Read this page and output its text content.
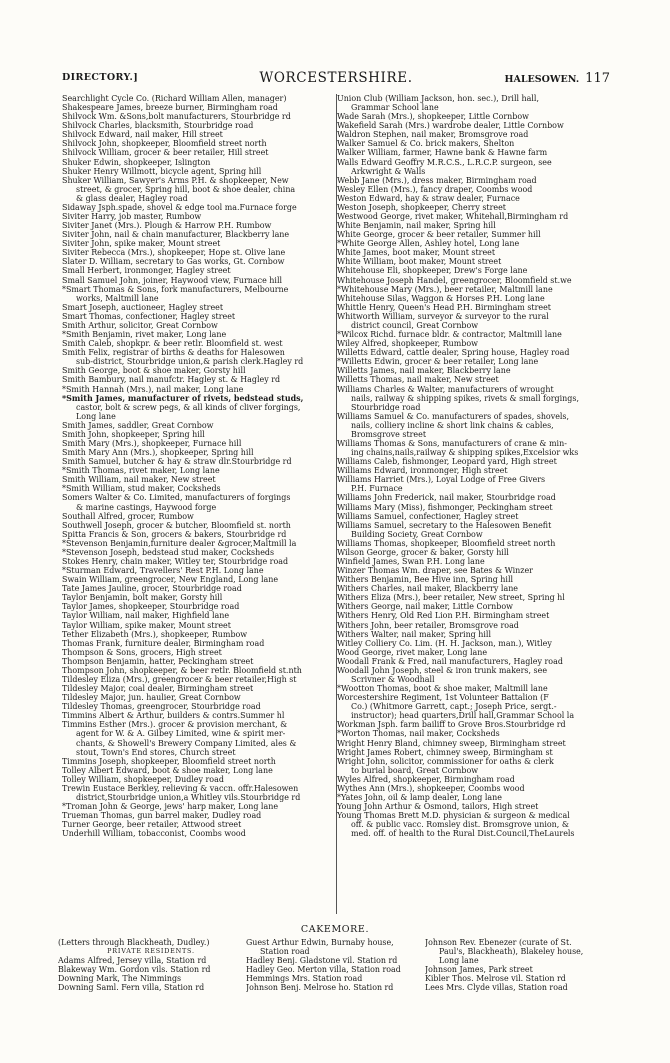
DIRECTORY.]	WORCESTERSHIRE.	HALESOWEN. 117
Searchlight Cycle Co. (Richard William Allen, manager)
Shakespeare James, breeze burner, Birmingham road
Shilvock Wm. &Sons,bolt manufacturers, Stourbridge rd
Shilvock Charles, blacksmith, Stourbridge road
Shilvock Edward, nail maker, Hill street
Shilvock John, shopkeeper, Bloomfield street north
Shilvock William, grocer & beer retailer, Hill street
Shuker Edwin, shopkeeper, Islington
Shuker Henry Willmott, bicycle agent, Spring hill
Shuker William, Sawyer's Arms P.H. & shopkeeper, New
street, & grocer, Spring hill, boot & shoe dealer, china
& glass dealer, Hagley road
Sidaway Jsph.spade, shovel & edge tool ma.Furnace forge
Siviter Harry, job master, Rumbow
Siviter Janet (Mrs.). Plough & Harrow P.H. Rumbow
Siviter John, nail & chain manufacturer, Blackberry lane
Siviter John, spike maker, Mount street
Siviter Rebecca (Mrs.), shopkeeper, Hope st. Olive lane
Slater D. William, secretary to Gas works, Gt. Cornbow
Small Herbert, ironmonger, Hagley street
Small Samuel John, joiner, Haywood view, Furnace hill
*Smart Thomas & Sons, fork manufacturers, Melbourne
works, Maltmill lane
Smart Joseph, auctioneer, Hagley street
Smart Thomas, confectioner, Hagley street
Smith Arthur, solicitor, Great Cornbow
*Smith Benjamin, rivet maker, Long lane
Smith Caleb, shopkpr. & beer retlr. Bloomfield st. west
Smith Felix, registrar of births & deaths for Halesowen
sub-district, Stourbridge union,& parish clerk.Hagley rd
Smith George, boot & shoe maker, Gorsty hill
Smith Bambury, nail manufctr. Hagley st. & Hagley rd
*Smith Hannah (Mrs.), nail maker, Long lane
*Smith James, manufacturer of rivets, bedstead studs,
castor, bolt & screw pegs, & all kinds of cliver forgings,
Long lane
Smith James, saddler, Great Cornbow
Smith John, shopkeeper, Spring hill
Smith Mary (Mrs.), shopkeeper, Furnace hill
Smith Mary Ann (Mrs.), shopkeeper, Spring hill
Smith Samuel, butcher & hay & straw dlr.Stourbridge rd
*Smith Thomas, rivet maker, Long lane
Smith William, nail maker, New street
*Smith William, stud maker, Cocksheds
Somers Walter & Co. Limited, manufacturers of forgings
& marine castings, Haywood forge
Southall Alfred, grocer, Rumbow
Southwell Joseph, grocer & butcher, Bloomfield st. north
Spitta Francis & Son, grocers & bakers, Stourbridge rd
*Stevenson Benjamin,furniture dealer &grocer,Maltmill la
*Stevenson Joseph, bedstead stud maker, Cocksheds
Stokes Henry, chain maker, Witley ter, Stourbridge road
*Sturman Edward, Travellers' Rest P.H. Long lane
Swain William, greengrocer, New England, Long lane
Tate James Jauline, grocer, Stourbridge road
Taylor Benjamin, bolt maker, Gorsty hill
Taylor James, shopkeeper, Stourbridge road
Taylor William, nail maker, Highfield lane
Taylor William, spike maker, Mount street
Tether Elizabeth (Mrs.), shopkeeper, Rumbow
Thomas Frank, furniture dealer, Birmingham road
Thompson & Sons, grocers, High street
Thompson Benjamin, hatter, Peckingham street
Thompson John, shopkeeper, & beer retlr. Bloomfield st.nth
Tildesley Eliza (Mrs.), greengrocer & beer retailer,High st
Tildesley Major, coal dealer, Birmingham street
Tildesley Major, jun. haulier, Great Cornbow
Tildesley Thomas, greengrocer, Stourbridge road
Timmins Albert & Arthur, builders & contrs.Summer hl
Timmins Esther (Mrs.). grocer & provision merchant, &
agent for W. & A. Gilbey Limited, wine & spirit mer-
chants, & Showell's Brewery Company Limited, ales &
stout, Town's End stores, Church street
Timmins Joseph, shopkeeper, Bloomfield street north
Tolley Albert Edward, boot & shoe maker, Long lane
Tolley William, shopkeeper, Dudley road
Trewin Eustace Berkley, relieving & vaccn. offr.Halesowen
district,Stourbridge union,a Whitley vils.Stourbridge rd
*Troman John & George, jews' harp maker, Long lane
Trueman Thomas, gun barrel maker, Dudley road
Turner George, beer retailer, Attwood street
Underhill William, tobacconist, Coombs wood
Union Club (William Jackson, hon. sec.), Drill hall,
Grammar School lane
Wade Sarah (Mrs.), shopkeeper, Little Cornbow
Wakefield Sarah (Mrs.) wardrobe dealer, Little Cornbow
Waldron Stephen, nail maker, Bromsgrove road
Walker Samuel & Co. brick makers, Shelton
Walker William, farmer, Hawne bank & Hawne farm
Walls Edward Geoffry M.R.C.S., L.R.C.P. surgeon, see
Arkwright & Walls
Webb Jane (Mrs.), dress maker, Birmingham road
Wesley Ellen (Mrs.), fancy draper, Coombs wood
Weston Edward, hay & straw dealer, Furnace
Weston Joseph, shopkeeper, Cherry street
Westwood George, rivet maker, Whitehall,Birmingham rd
White Benjamin, nail maker, Spring hill
White George, grocer & beer retailer, Summer hill
*White George Allen, Ashley hotel, Long lane
White James, boot maker, Mount street
White William, boot maker, Mount street
Whitehouse Eli, shopkeeper, Drew's Forge lane
Whitehouse Joseph Handel, greengrocer, Bloomfield st.we
*Whitehouse Mary (Mrs.), beer retailer, Maltmill lane
Whitehouse Silas, Waggon & Horses P.H. Long lane
Whittle Henry, Queen's Head P.H. Birmingham street
Whitworth William, surveyor & surveyor to the rural
district council, Great Cornbow
*Wilcox Richd. furnace bldr. & contractor, Maltmill lane
Wiley Alfred, shopkeeper, Rumbow
Willetts Edward, cattle dealer, Spring house, Hagley road
*Willetts Edwin, grocer & beer retailer, Long lane
Willetts James, nail maker, Blackberry lane
Willetts Thomas, nail maker, New street
Williams Charles & Walter, manufacturers of wrought
nails, railway & shipping spikes, rivets & small forgings,
Stourbridge road
Williams Samuel & Co. manufacturers of spades, shovels,
nails, colliery incline & short link chains & cables,
Bromsgrove street
Williams Thomas & Sons, manufacturers of crane & min-
ing chains,nails,railway & shipping spikes,Excelsior wks
Williams Caleb, fishmonger, Leopard yard, High street
Williams Edward, ironmonger, High street
Williams Harriet (Mrs.), Loyal Lodge of Free Givers
P.H. Furnace
Williams John Frederick, nail maker, Stourbridge road
Williams Mary (Miss), fishmonger, Peckingham street
Williams Samuel, confectioner, Hagley street
Williams Samuel, secretary to the Halesowen Benefit
Building Society, Great Cornbow
Williams Thomas, shopkeeper, Bloomfield street north
Wilson George, grocer & baker, Gorsty hill
Winfield James, Swan P.H. Long lane
Winzer Thomas Wm. draper, see Bates & Winzer
Withers Benjamin, Bee Hive inn, Spring hill
Withers Charles, nail maker, Blackberry lane
Withers Eliza (Mrs.), beer retailer, New street, Spring hl
Withers George, nail maker, Little Cornbow
Withers Henry, Old Red Lion P.H. Birmingham street
Withers John, beer retailer, Bromsgrove road
Withers Walter, nail maker, Spring hill
Witley Colliery Co. Lim. (H. H. Jackson, man.), Witley
Wood George, rivet maker, Long lane
Woodall Frank & Fred, nail manufacturers, Hagley road
Woodall John Joseph, steel & iron trunk makers, see
Scrivner & Woodhall
*Wootton Thomas, boot & shoe maker, Maltmill lane
Worcestershire Regiment, 1st Volunteer Battalion (F
Co.) (Whitmore Garrett, capt.; Joseph Price, sergt.-
instructor); head quarters,Drill hall,Grammar School la
Workman Jsph. farm bailiff to Grove Bros.Stourbridge rd
*Worton Thomas, nail maker, Cocksheds
Wright Henry Bland, chimney sweep, Birmingham street
Wright James Robert, chimney sweep, Birmingham st
Wright John, solicitor, commissioner for oaths & clerk
to burial board, Great Cornbow
Wyles Alfred, shopkeeper, Birmingham road
Wythes Ann (Mrs.), shopkeeper, Coombs wood
*Yates John, oil & lamp dealer, Long lane
Young John Arthur & Osmond, tailors, High street
Young Thomas Brett M.D. physician & surgeon & medical
off. & public vacc. Romsley dist. Bromsgrove union, &
med. off. of health to the Rural Dist.Council,TheLaurels
CAKEMORE.
(Letters through Blackheath, Dudley.)
PRIVATE RESIDENTS.
Adams Alfred, Jersey villa, Station rd
Blakeway Wm. Gordon vils. Station rd
Downing Mark, The Nimmings
Downing Saml. Fern villa, Station rd
Guest Arthur Edwin, Burnaby house,
Station road
Hadley Benj. Gladstone vil. Station rd
Hadley Geo. Merton villa, Station road
Hemmings Mrs. Station road
Johnson Benj. Melrose ho. Station rd
Johnson Rev. Ebenezer (curate of St.
Paul's, Blackheath), Blakeley house,
Long lane
Johnson James, Park street
Kibler Thos. Melrose vil. Station rd
Lees Mrs. Clyde villas, Station road
